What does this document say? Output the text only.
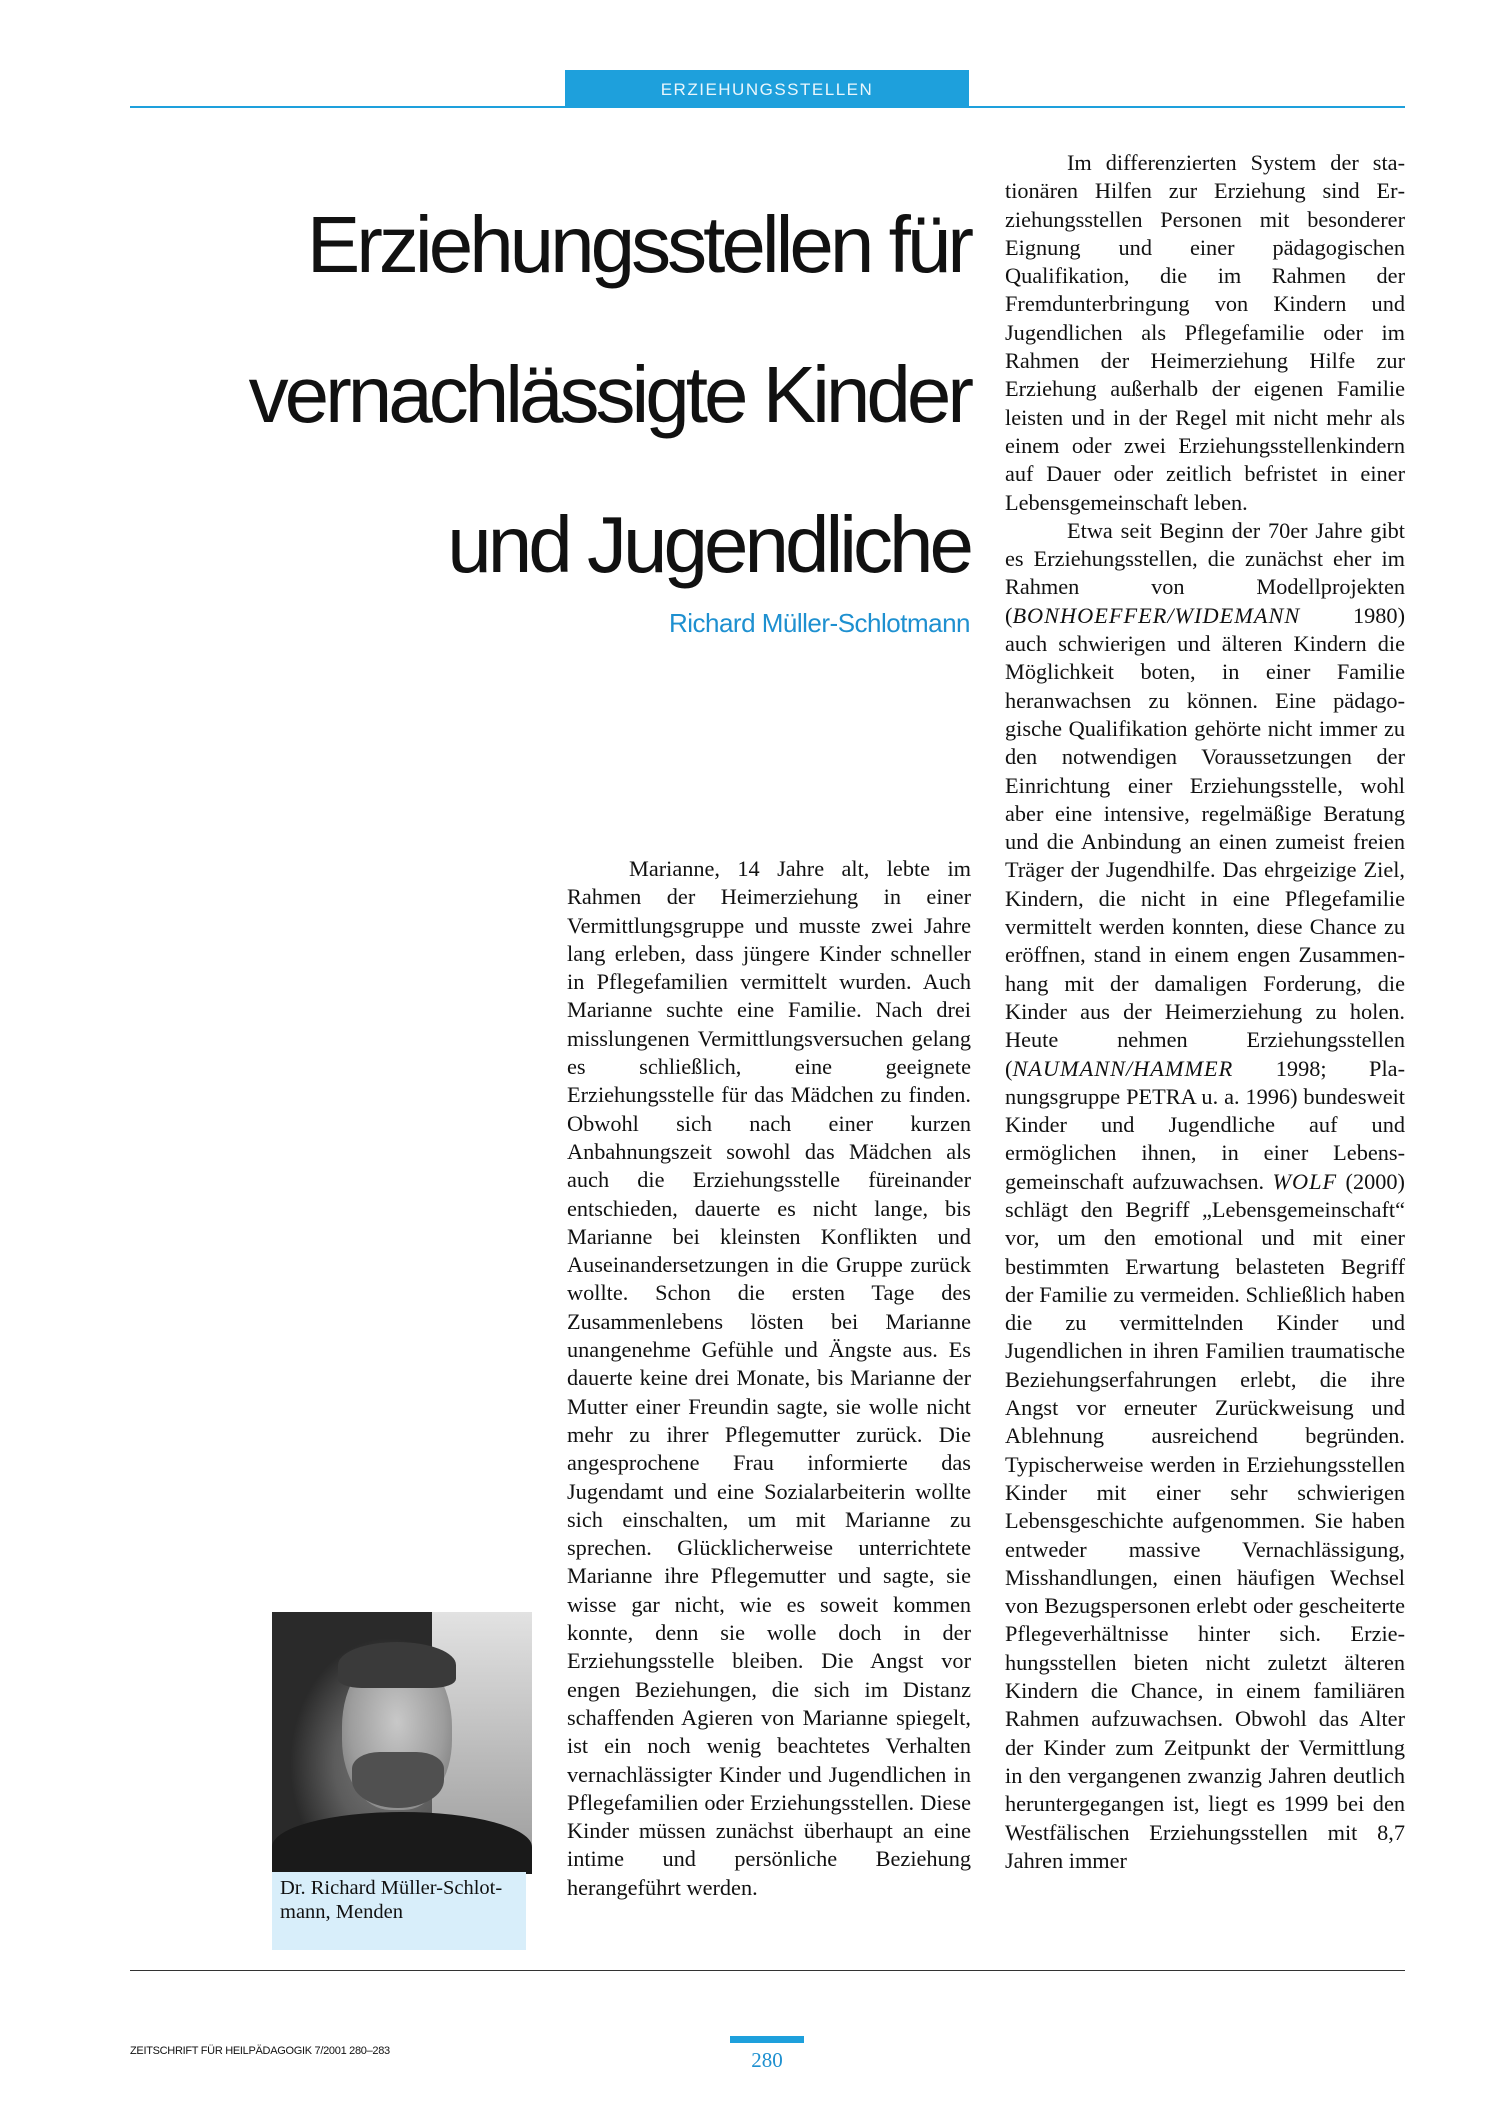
ERZIEHUNGSSTELLEN
Erziehungsstellen für
vernachlässigte Kinder
und Jugendliche
Richard Müller-Schlotmann
Dr. Richard Müller-Schlot-
mann, Menden

Marianne, 14 Jahre alt, lebte im Rahmen der Heimerziehung in einer Vermittlungsgruppe und musste zwei Jahre lang erleben, dass jüngere Kinder schneller in Pflegefamilien vermittelt wurden. Auch Marianne suchte eine Familie. Nach drei misslungenen Vermittlungsversuchen gelang es schließlich, eine geeignete Erziehungsstelle für das Mädchen zu finden. Obwohl sich nach einer kurzen Anbahnungszeit sowohl das Mädchen als auch die Erziehungsstelle füreinander entschieden, dauerte es nicht lange, bis Marianne bei kleinsten Konflikten und Auseinandersetzungen in die Gruppe zurück wollte. Schon die ersten Tage des Zusammenlebens lösten bei Marianne unangenehme Gefühle und Ängste aus. Es dauerte keine drei Monate, bis Marianne der Mutter einer Freundin sagte, sie wolle nicht mehr zu ihrer Pflegemutter zurück. Die angesprochene Frau informierte das Jugendamt und eine Sozialarbeiterin wollte sich einschalten, um mit Marianne zu sprechen. Glücklicherweise unterrichtete Marianne ihre Pflegemutter und sagte, sie wisse gar nicht, wie es soweit kommen konnte, denn sie wolle doch in der Erziehungsstelle bleiben. Die Angst vor engen Beziehungen, die sich im Distanz schaffenden Agieren von Marianne spiegelt, ist ein noch wenig beachtetes Verhalten vernachlässigter Kinder und Jugendlichen in Pflegefamilien oder Erziehungsstellen. Diese Kinder müssen zunächst überhaupt an eine intime und persönliche Beziehung herangeführt werden.

Im differenzierten System der stationären Hilfen zur Erziehung sind Erziehungsstellen Personen mit besonderer Eignung und einer pädagogischen Qualifikation, die im Rahmen der Fremdunterbringung von Kindern und Jugendlichen als Pflegefamilie oder im Rahmen der Heimerziehung Hilfe zur Erziehung außerhalb der eigenen Familie leisten und in der Regel mit nicht mehr als einem oder zwei Erziehungsstellenkindern auf Dauer oder zeitlich befristet in einer Lebensgemeinschaft leben.

Etwa seit Beginn der 70er Jahre gibt es Erziehungsstellen, die zunächst eher im Rahmen von Modellprojekten (BONHOEFFER/WIDEMANN 1980) auch schwierigen und älteren Kindern die Möglichkeit boten, in einer Familie heranwachsen zu können. Eine pädagogische Qualifikation gehörte nicht immer zu den notwendigen Voraussetzungen der Einrichtung einer Erziehungsstelle, wohl aber eine intensive, regelmäßige Beratung und die Anbindung an einen zumeist freien Träger der Jugendhilfe. Das ehrgeizige Ziel, Kindern, die nicht in eine Pflegefamilie vermittelt werden konnten, diese Chance zu eröffnen, stand in einem engen Zusammenhang mit der damaligen Forderung, die Kinder aus der Heimerziehung zu holen. Heute nehmen Erziehungsstellen (NAUMANN/HAMMER 1998; Planungsgruppe PETRA u. a. 1996) bundesweit Kinder und Jugendliche auf und ermöglichen ihnen, in einer Lebensgemeinschaft aufzuwachsen. WOLF (2000) schlägt den Begriff „Lebensgemeinschaft“ vor, um den emotional und mit einer bestimmten Erwartung belasteten Begriff der Familie zu vermeiden. Schließlich haben die zu vermittelnden Kinder und Jugendlichen in ihren Familien traumatische Beziehungserfahrungen erlebt, die ihre Angst vor erneuter Zurückweisung und Ablehnung ausreichend begründen. Typischerweise werden in Erziehungsstellen Kinder mit einer sehr schwierigen Lebensgeschichte aufgenommen. Sie haben entweder massive Vernachlässigung, Misshandlungen, einen häufigen Wechsel von Bezugspersonen erlebt oder gescheiterte Pflegeverhältnisse hinter sich. Erziehungsstellen bieten nicht zuletzt älteren Kindern die Chance, in einem familiären Rahmen aufzuwachsen. Obwohl das Alter der Kinder zum Zeitpunkt der Vermittlung in den vergangenen zwanzig Jahren deutlich heruntergegangen ist, liegt es 1999 bei den Westfälischen Erziehungsstellen mit 8,7 Jahren immer

ZEITSCHRIFT FÜR HEILPÄDAGOGIK 7/2001 280–283	280
